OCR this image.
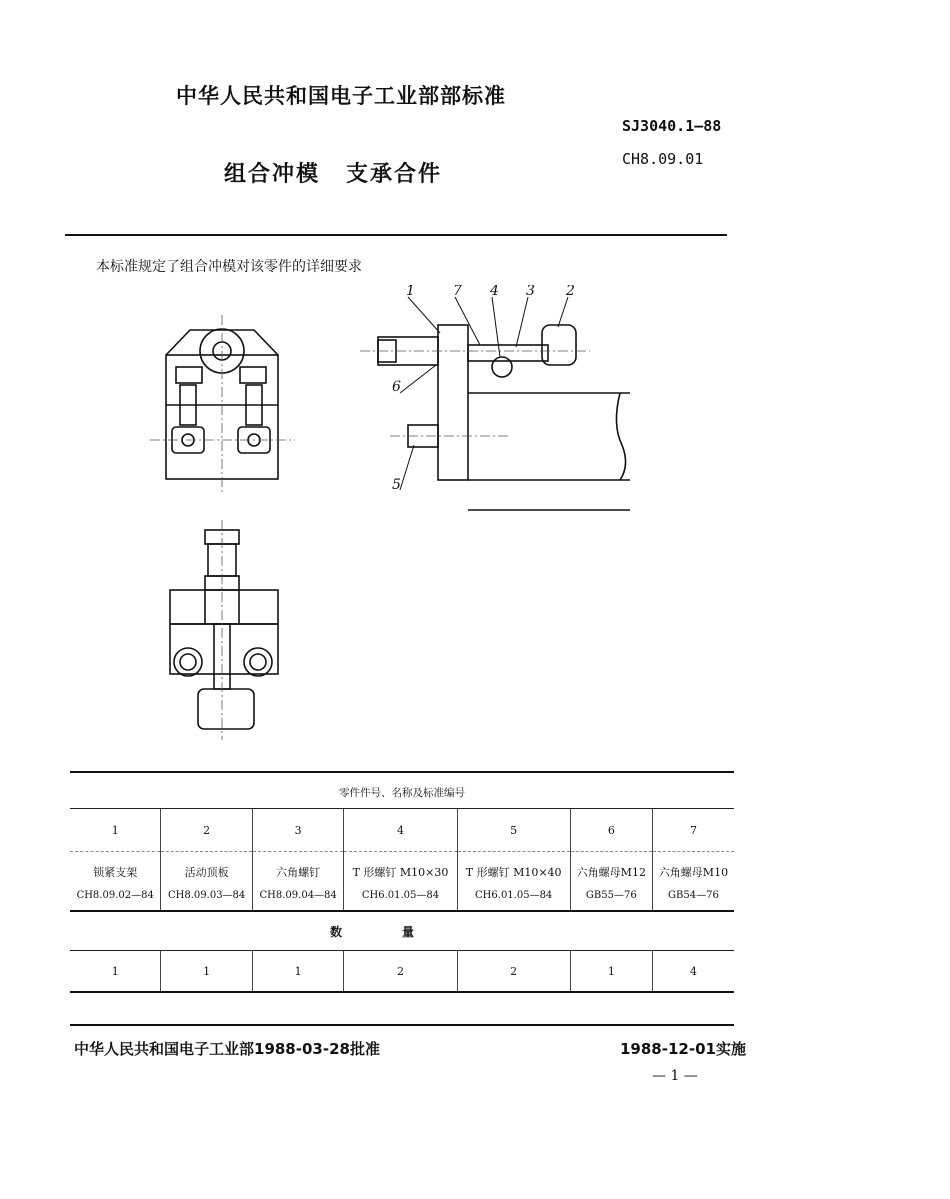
中华人民共和国电子工业部部标准
SJ3040.1—88
CH8.09.01
组合冲模 支承合件
本标准规定了组合冲模对该零件的详细要求
1	7 4 3 2
6
5
零件件号、名称及标准编号						
1	2	3	4	5	6	7
锁紧支架	活动顶板	六角螺钉	T 形螺钉 M10×30	T 形螺钉 M10×40	六角螺母M12	六角螺母M10
CH8.09.02—84	CH8.09.03—84	CH8.09.04—84	CH6.01.05—84	CH6.01.05—84	GB55—76	GB54—76
数量						
1	1	1	2	2	1	4
中华人民共和国电子工业部1988-03-28批准	1988-12-01实施
— 1 —
